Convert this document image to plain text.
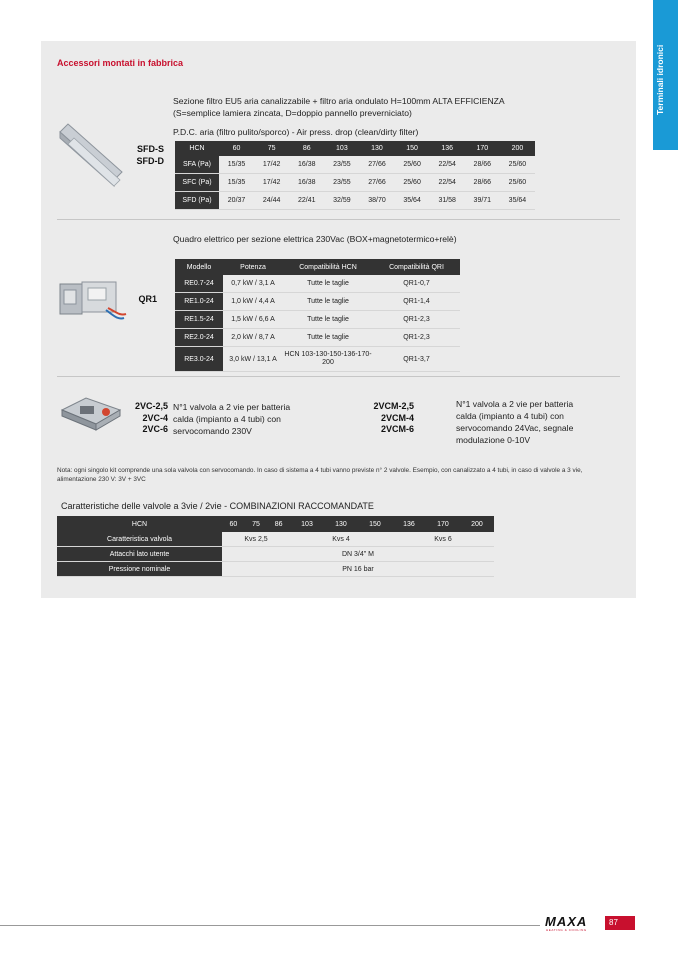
Terminali idronici
Accessori montati in fabbrica
SFD-S
SFD-D
Sezione filtro EU5 aria canalizzabile + filtro aria ondulato H=100mm ALTA EFFICIENZA
(S=semplice lamiera zincata, D=doppio pannello preverniciato)
P.D.C. aria (filtro pulito/sporco) - Air press. drop (clean/dirty filter)
HCN	60	75	86	103	130	150	136	170	200
SFA (Pa)	15/35	17/42	16/38	23/55	27/66	25/60	22/54	28/66	25/60
SFC (Pa)	15/35	17/42	16/38	23/55	27/66	25/60	22/54	28/66	25/60
SFD (Pa)	20/37	24/44	22/41	32/59	38/70	35/64	31/58	39/71	35/64
Quadro elettrico per sezione elettrica 230Vac (BOX+magnetotermico+relè)
QR1
Modello	Potenza	Compatibilità HCN	Compatibilità QRI
RE0.7-24	0,7 kW / 3,1 A	Tutte le taglie	QR1-0,7
RE1.0-24	1,0 kW / 4,4 A	Tutte le taglie	QR1-1,4
RE1.5-24	1,5 kW / 6,6 A	Tutte le taglie	QR1-2,3
RE2.0-24	2,0 kW / 8,7 A	Tutte le taglie	QR1-2,3
RE3.0-24	3,0 kW / 13,1 A	HCN 103-130-150-136-170-200	QR1-3,7
2VC-2,5
2VC-4
2VC-6
N°1 valvola a 2 vie per batteria
calda (impianto a 4 tubi) con
servocomando 230V
2VCM-2,5
2VCM-4
2VCM-6
N°1 valvola a 2 vie per batteria
calda (impianto a 4 tubi) con
servocomando 24Vac, segnale
modulazione 0-10V
Nota: ogni singolo kit comprende una sola valvola con servocomando. In caso di sistema a 4 tubi vanno previste n° 2 valvole. Esempio, con canalizzato a 4 tubi, in caso di valvole a 3 vie, alimentazione 230 V: 3V + 3VC
Caratteristiche delle valvole a 3vie / 2vie - COMBINAZIONI RACCOMANDATE
HCN	60	75	86	103	130	150	136	170	200
Caratteristica valvola	Kvs 2,5			Kvs 4			Kvs 6		
Attacchi lato utente	DN 3/4" M								
Pressione nominale	PN 16 bar								
MAXA
HEATING & COOLING
87
